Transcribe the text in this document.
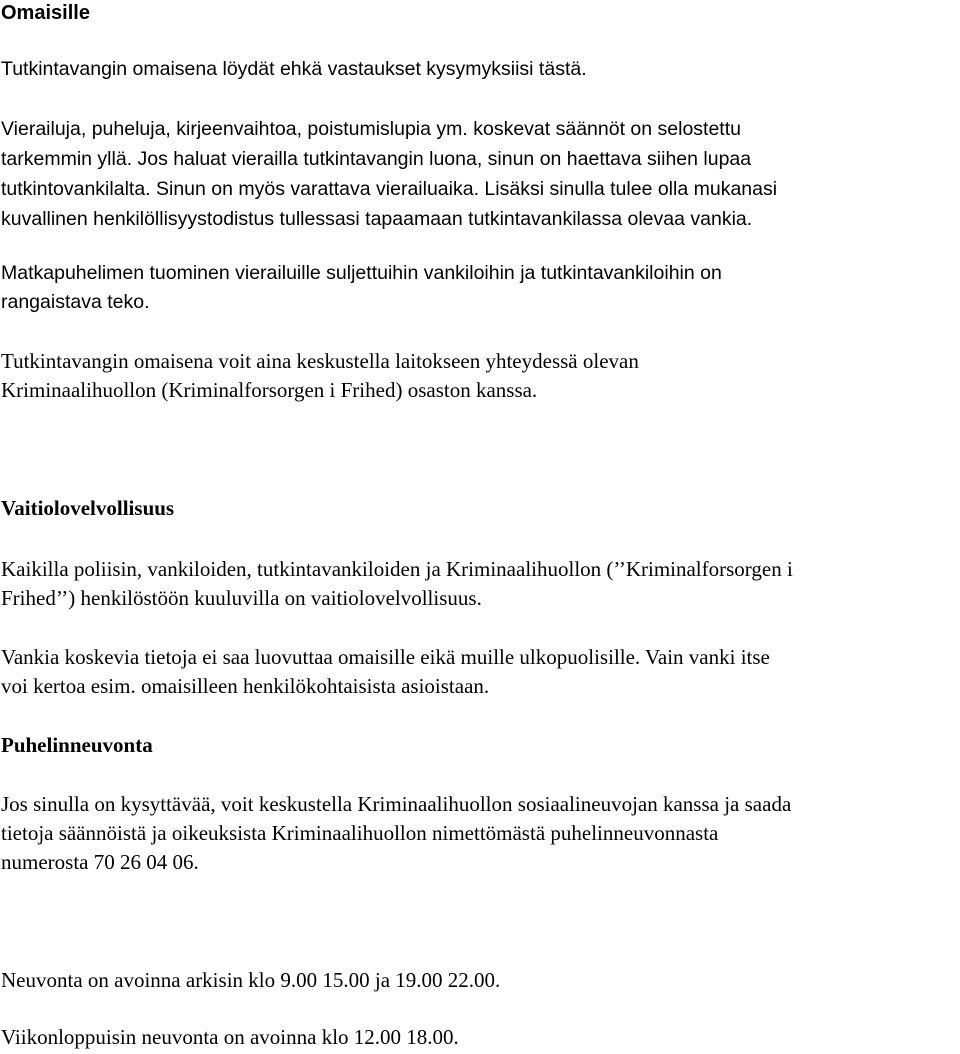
Omaisille

Tutkintavangin omaisena löydät ehkä vastaukset kysymyksiisi tästä.

Vierailuja, puheluja, kirjeenvaihtoa, poistumislupia ym. koskevat säännöt on selostettu
tarkemmin yllä. Jos haluat vierailla tutkintavangin luona, sinun on haettava siihen lupaa
tutkintovankilalta. Sinun on myös varattava vierailuaika. Lisäksi sinulla tulee olla mukanasi
kuvallinen henkilöllisyystodistus tullessasi tapaamaan tutkintavankilassa olevaa vankia.

Matkapuhelimen tuominen vierailuille suljettuihin vankiloihin ja tutkintavankiloihin on
rangaistava teko.

Tutkintavangin omaisena voit aina keskustella laitokseen yhteydessä olevan
Kriminaalihuollon (Kriminalforsorgen i Frihed) osaston kanssa.

Vaitiolovelvollisuus

Kaikilla poliisin, vankiloiden, tutkintavankiloiden ja Kriminaalihuollon (’’Kriminalforsorgen i
Frihed’’) henkilöstöön kuuluvilla on vaitiolovelvollisuus.

Vankia koskevia tietoja ei saa luovuttaa omaisille eikä muille ulkopuolisille. Vain vanki itse
voi kertoa esim. omaisilleen henkilökohtaisista asioistaan.

Puhelinneuvonta

Jos sinulla on kysyttävää, voit keskustella Kriminaalihuollon sosiaalineuvojan kanssa ja saada
tietoja säännöistä ja oikeuksista Kriminaalihuollon nimettömästä puhelinneuvonnasta
numerosta 70 26 04 06.

Neuvonta on avoinna arkisin klo 9.00 15.00 ja 19.00 22.00.

Viikonloppuisin neuvonta on avoinna klo 12.00 18.00.
